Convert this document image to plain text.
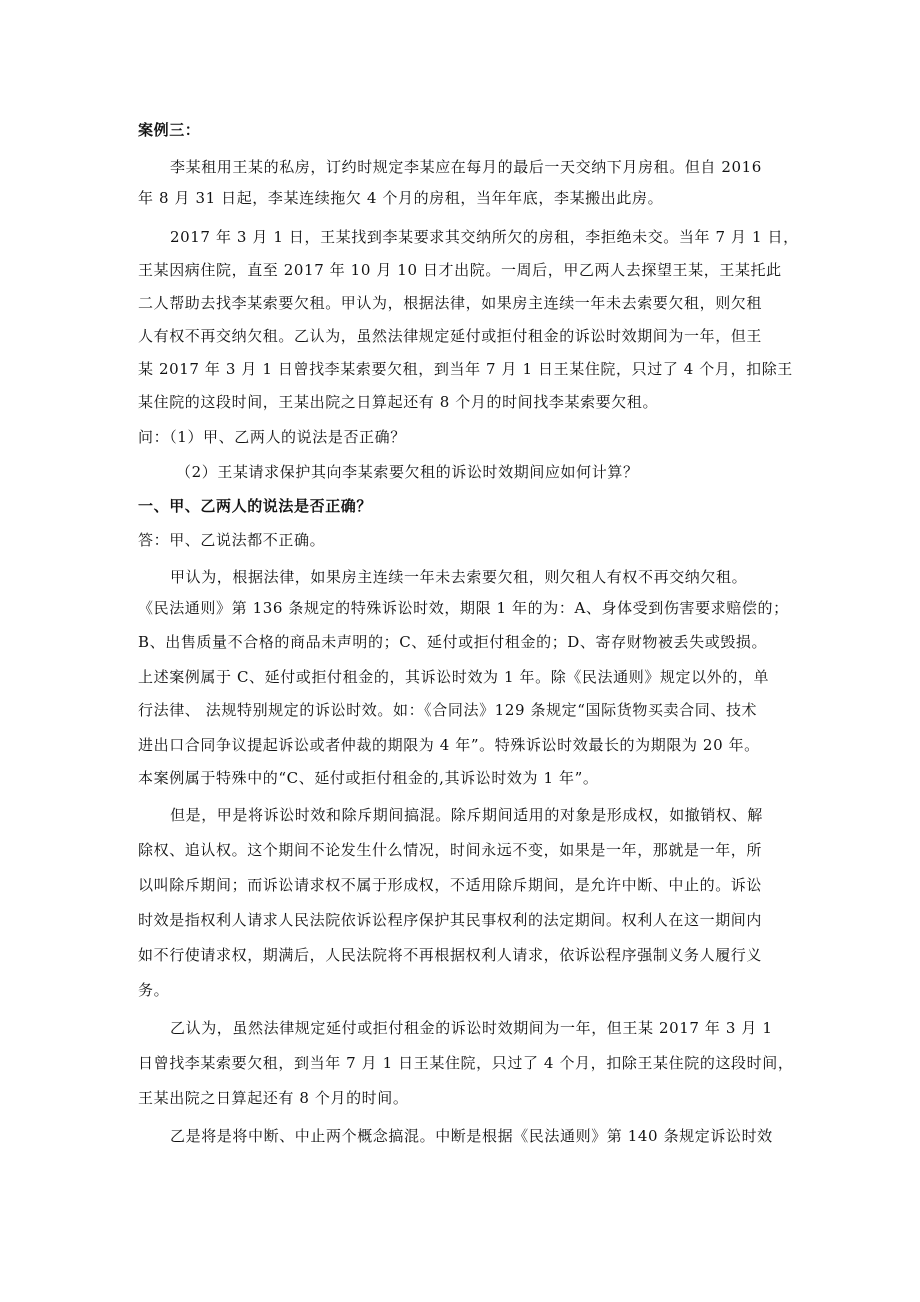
案例三：

李某租用王某的私房，订约时规定李某应在每月的最后一天交纳下月房租。但自 2016

年 8 月 31 日起，李某连续拖欠 4 个月的房租，当年年底，李某搬出此房。

2017 年 3 月 1 日，王某找到李某要求其交纳所欠的房租，李拒绝未交。当年 7 月 1 日，

王某因病住院，直至 2017 年 10 月 10 日才出院。一周后，甲乙两人去探望王某，王某托此

二人帮助去找李某索要欠租。甲认为，根据法律，如果房主连续一年未去索要欠租，则欠租

人有权不再交纳欠租。乙认为，虽然法律规定延付或拒付租金的诉讼时效期间为一年，但王

某 2017 年 3 月 1 日曾找李某索要欠租，到当年 7 月 1 日王某住院，只过了 4 个月，扣除王

某住院的这段时间，王某出院之日算起还有 8 个月的时间找李某索要欠租。

问：（1）甲、乙两人的说法是否正确？

（2）王某请求保护其向李某索要欠租的诉讼时效期间应如何计算？

一、甲、乙两人的说法是否正确？

答：甲、乙说法都不正确。

甲认为，根据法律，如果房主连续一年未去索要欠租，则欠租人有权不再交纳欠租。

《民法通则》第 136 条规定的特殊诉讼时效，期限 1 年的为：A、身体受到伤害要求赔偿的；

B、出售质量不合格的商品未声明的；C、延付或拒付租金的；D、寄存财物被丢失或毁损。

上述案例属于 C、延付或拒付租金的，其诉讼时效为 1 年。除《民法通则》规定以外的，单

行法律、 法规特别规定的诉讼时效。如：《合同法》129 条规定“国际货物买卖合同、技术

进出口合同争议提起诉讼或者仲裁的期限为 4 年”。特殊诉讼时效最长的为期限为 20 年。

本案例属于特殊中的“C、延付或拒付租金的,其诉讼时效为 1 年”。

但是，甲是将诉讼时效和除斥期间搞混。除斥期间适用的对象是形成权，如撤销权、解

除权、追认权。这个期间不论发生什么情况，时间永远不变，如果是一年，那就是一年，所

以叫除斥期间；而诉讼请求权不属于形成权，不适用除斥期间，是允许中断、中止的。诉讼

时效是指权利人请求人民法院依诉讼程序保护其民事权利的法定期间。权利人在这一期间内

如不行使请求权，期满后，人民法院将不再根据权利人请求，依诉讼程序强制义务人履行义

务。

乙认为，虽然法律规定延付或拒付租金的诉讼时效期间为一年，但王某 2017 年 3 月 1

日曾找李某索要欠租，到当年 7 月 1 日王某住院，只过了 4 个月，扣除王某住院的这段时间，

王某出院之日算起还有 8 个月的时间。

乙是将是将中断、中止两个概念搞混。中断是根据《民法通则》第 140 条规定诉讼时效
